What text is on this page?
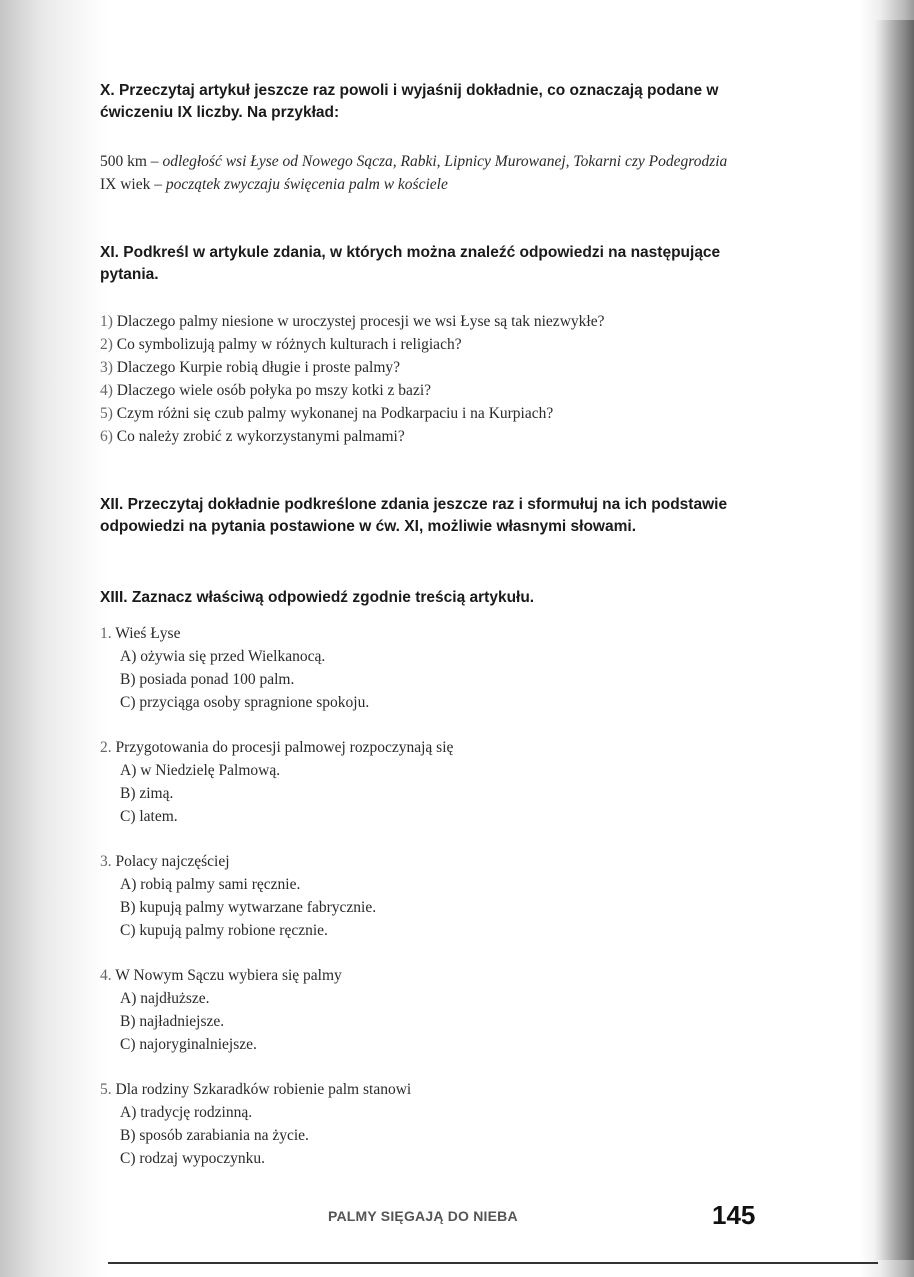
X. Przeczytaj artykuł jeszcze raz powoli i wyjaśnij dokładnie, co oznaczają podane w ćwiczeniu IX liczby. Na przykład:
500 km – odległość wsi Łyse od Nowego Sącza, Rabki, Lipnicy Murowanej, Tokarni czy Podegrodzia
IX wiek – początek zwyczaju święcenia palm w kościele
XI. Podkreśl w artykule zdania, w których można znaleźć odpowiedzi na następujące pytania.
1) Dlaczego palmy niesione w uroczystej procesji we wsi Łyse są tak niezwykłe?
2) Co symbolizują palmy w różnych kulturach i religiach?
3) Dlaczego Kurpie robią długie i proste palmy?
4) Dlaczego wiele osób połyka po mszy kotki z bazi?
5) Czym różni się czub palmy wykonanej na Podkarpaciu i na Kurpiach?
6) Co należy zrobić z wykorzystanymi palmami?
XII. Przeczytaj dokładnie podkreślone zdania jeszcze raz i sformułuj na ich podstawie odpowiedzi na pytania postawione w ćw. XI, możliwie własnymi słowami.
XIII. Zaznacz właściwą odpowiedź zgodnie treścią artykułu.
1. Wieś Łyse
A) ożywia się przed Wielkanocą.
B) posiada ponad 100 palm.
C) przyciąga osoby spragnione spokoju.
2. Przygotowania do procesji palmowej rozpoczynają się
A) w Niedzielę Palmową.
B) zimą.
C) latem.
3. Polacy najczęściej
A) robią palmy sami ręcznie.
B) kupują palmy wytwarzane fabrycznie.
C) kupują palmy robione ręcznie.
4. W Nowym Sączu wybiera się palmy
A) najdłuższe.
B) najładniejsze.
C) najoryginalniejsze.
5. Dla rodziny Szkaradków robienie palm stanowi
A) tradycję rodzinną.
B) sposób zarabiania na życie.
C) rodzaj wypoczynku.
PALMY SIĘGAJĄ DO NIEBA	145
